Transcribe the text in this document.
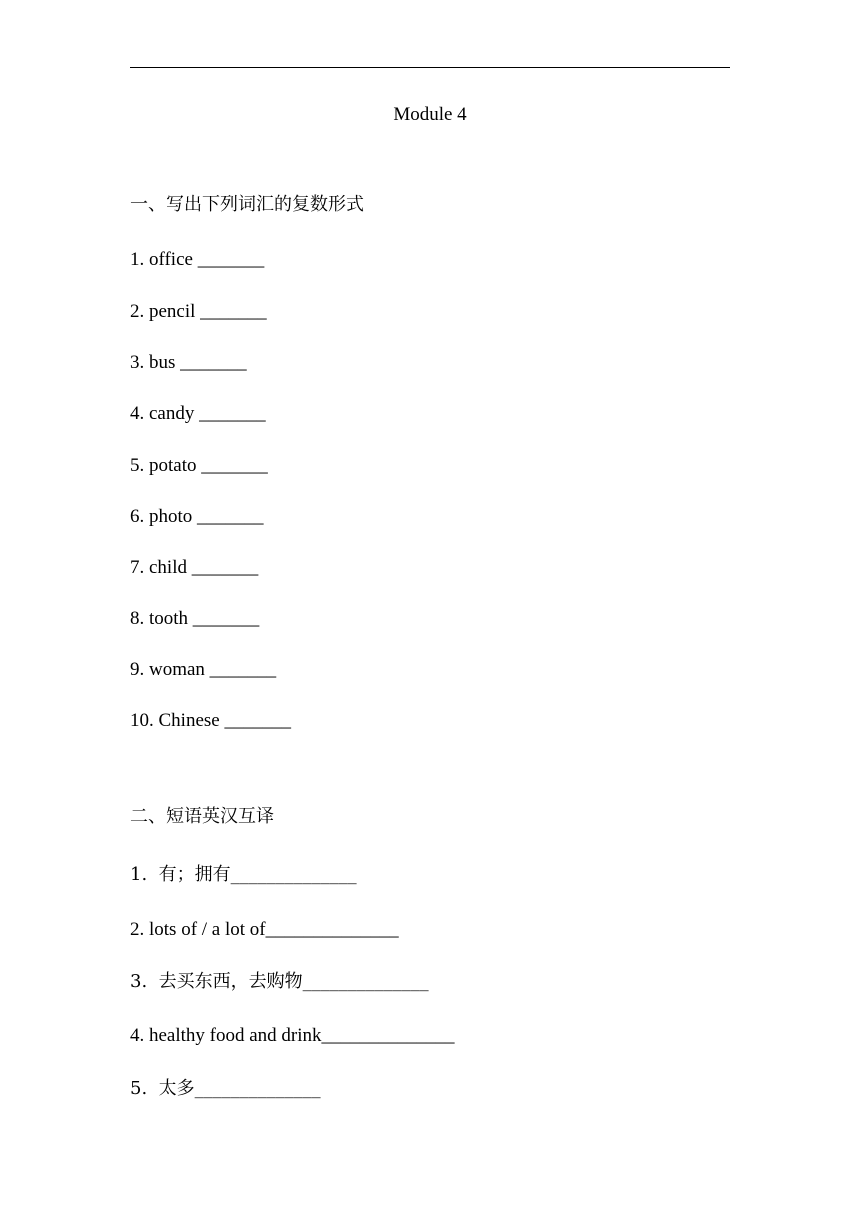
Module 4
一、写出下列词汇的复数形式
1. office _______
2. pencil _______
3. bus _______
4. candy _______
5. potato _______
6. photo _______
7. child _______
8. tooth _______
9. woman _______
10. Chinese _______
二、短语英汉互译
1.  有；拥有______________
2. lots of / a lot of______________
3.  去买东西，去购物______________
4. healthy food and drink______________
5.  太多______________
